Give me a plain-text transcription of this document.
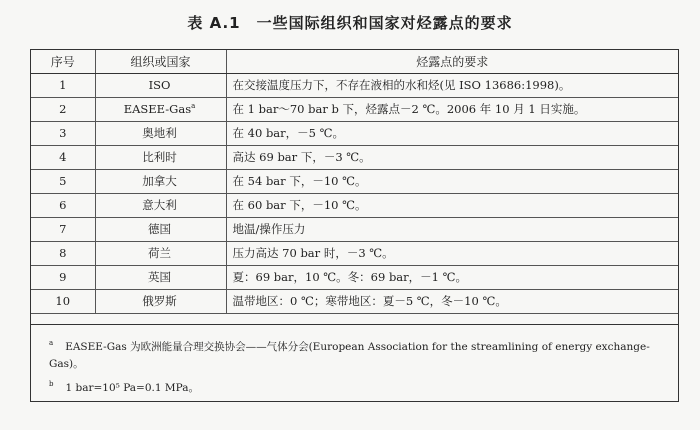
表 A.1　一些国际组织和国家对烃露点的要求
序号	组织或国家	烃露点的要求
1	ISO	在交接温度压力下，不存在液相的水和烃(见 ISO 13686:1998)。
2	EASEE-Gas$^a$	在 1 bar～70 bar b 下，烃露点－2 ℃。2006 年 10 月 1 日实施。
3	奥地利	在 40 bar，－5 ℃。
4	比利时	高达 69 bar 下，－3 ℃。
5	加拿大	在 54 bar 下，－10 ℃。
6	意大利	在 60 bar 下，－10 ℃。
7	德国	地温/操作压力
8	荷兰	压力高达 70 bar 时，－3 ℃。
9	英国	夏：69 bar，10 ℃。冬：69 bar，－1 ℃。
10	俄罗斯	温带地区：0 ℃；寒带地区：夏－5 ℃，冬－10 ℃。

$^a$ EASEE-Gas 为欧洲能量合理交换协会——气体分会(European Association for the streamlining of energy exchange-Gas)。

$^b$ 1 bar=10⁵ Pa=0.1 MPa。
